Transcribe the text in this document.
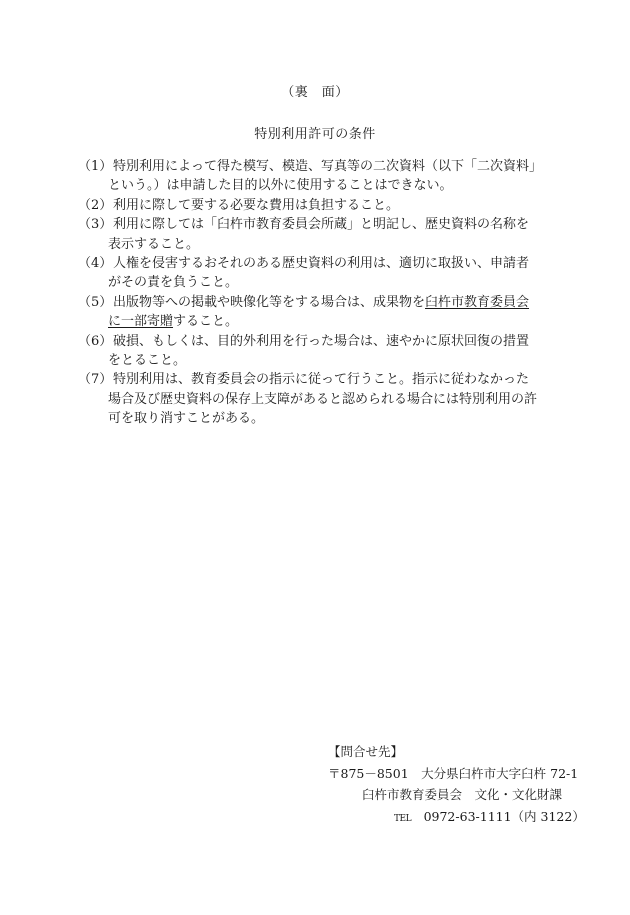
（裏　面）
特別利用許可の条件
（1） 特別利用によって得た模写、模造、写真等の二次資料（以下「二次資料」
という。）は申請した目的以外に使用することはできない。
（2） 利用に際して要する必要な費用は負担すること。
（3） 利用に際しては「臼杵市教育委員会所蔵」と明記し、歴史資料の名称を
表示すること。
（4） 人権を侵害するおそれのある歴史資料の利用は、適切に取扱い、申請者
がその責を負うこと。
（5） 出版物等への掲載や映像化等をする場合は、成果物を臼杵市教育委員会
に一部寄贈すること。
（6） 破損、もしくは、目的外利用を行った場合は、速やかに原状回復の措置
をとること。
（7） 特別利用は、教育委員会の指示に従って行うこと。指示に従わなかった
場合及び歴史資料の保存上支障があると認められる場合には特別利用の許
可を取り消すことがある。
【問合せ先】
〒875－8501　大分県臼杵市大字臼杵 72-1
臼杵市教育委員会　文化・文化財課
TEL　 0972-63-1111（内 3122）
